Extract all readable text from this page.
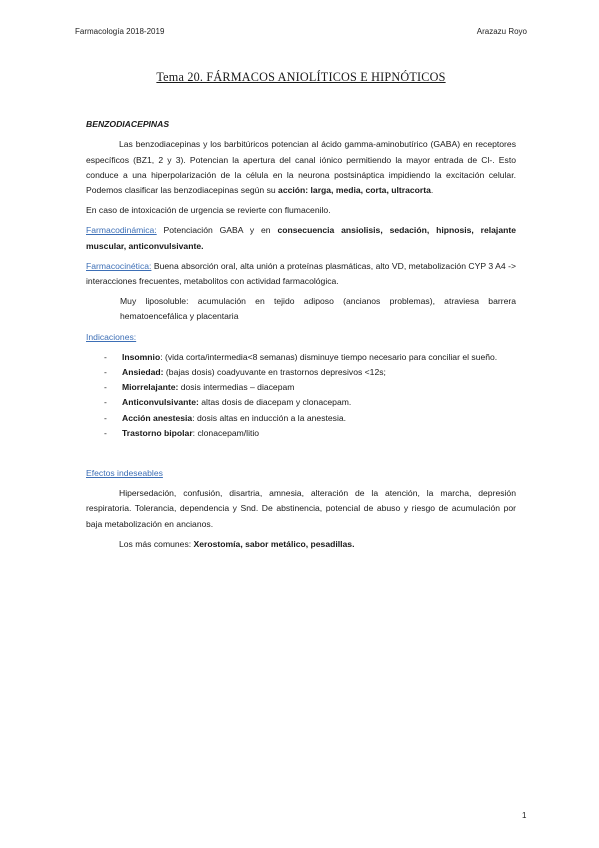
Farmacología 2018-2019	Arazazu Royo
Tema 20. FÁRMACOS ANIOLÍTICOS E HIPNÓTICOS
BENZODIACEPINAS

Las benzodiacepinas y los barbitúricos potencian al ácido gamma-aminobutírico (GABA) en receptores específicos (BZ1, 2 y 3). Potencian la apertura del canal iónico permitiendo la mayor entrada de Cl-. Esto conduce a una hiperpolarización de la célula en la neurona postsináptica impidiendo la excitación celular. Podemos clasificar las benzodiacepinas según su acción: larga, media, corta, ultracorta.

En caso de intoxicación de urgencia se revierte con flumacenilo.

Farmacodinámica: Potenciación GABA y en consecuencia ansiolisis, sedación, hipnosis, relajante muscular, anticonvulsivante.

Farmacocinética: Buena absorción oral, alta unión a proteínas plasmáticas, alto VD, metabolización CYP 3 A4 -> interacciones frecuentes, metabolitos con actividad farmacológica.

Muy liposoluble: acumulación en tejido adiposo (ancianos problemas), atraviesa barrera hematoencefálica y placentaria

Indicaciones:

- Insomnio: (vida corta/intermedia<8 semanas) disminuye tiempo necesario para conciliar el sueño.
- Ansiedad: (bajas dosis) coadyuvante en trastornos depresivos <12s;
- Miorrelajante: dosis intermedias – diacepam
- Anticonvulsivante: altas dosis de diacepam y clonacepam.
- Acción anestesia: dosis altas en inducción a la anestesia.
- Trastorno bipolar: clonacepam/litio

Efectos indeseables

Hipersedación, confusión, disartria, amnesia, alteración de la atención, la marcha, depresión respiratoria. Tolerancia, dependencia y Snd. De abstinencia, potencial de abuso y riesgo de acumulación por baja metabolización en ancianos.

Los más comunes: Xerostomía, sabor metálico, pesadillas.

1
